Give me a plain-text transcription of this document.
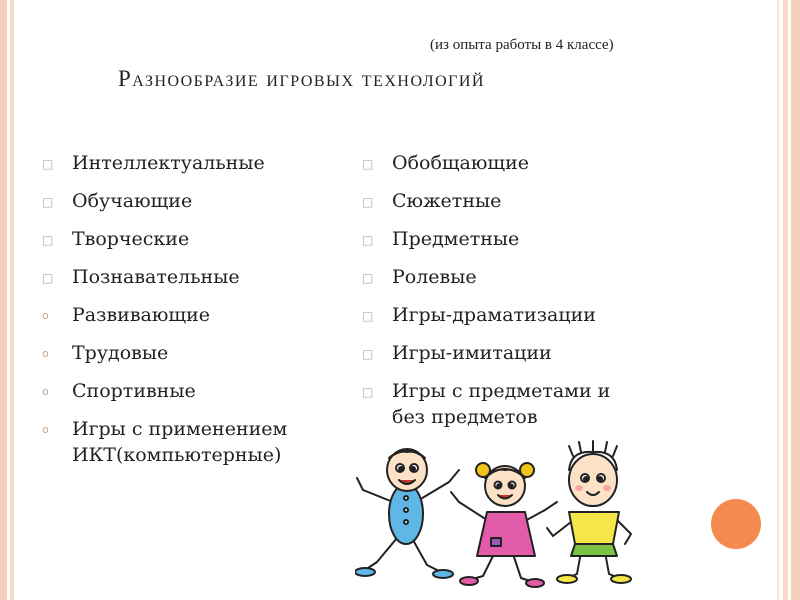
(из опыта работы в 4 классе)
Разнообразие игровых технологий
□ Интеллектуальные
□ Обучающие
□ Творческие
□ Познавательные
o	Развивающие
o	Трудовые
o	Спортивные
o	Игры с применением
ИКТ(компьютерные)
□ Обобщающие
□ Сюжетные
□ Предметные
□ Ролевые
□ Игры-драматизации
□ Игры-имитации
□ Игры с предметами и
без предметов
